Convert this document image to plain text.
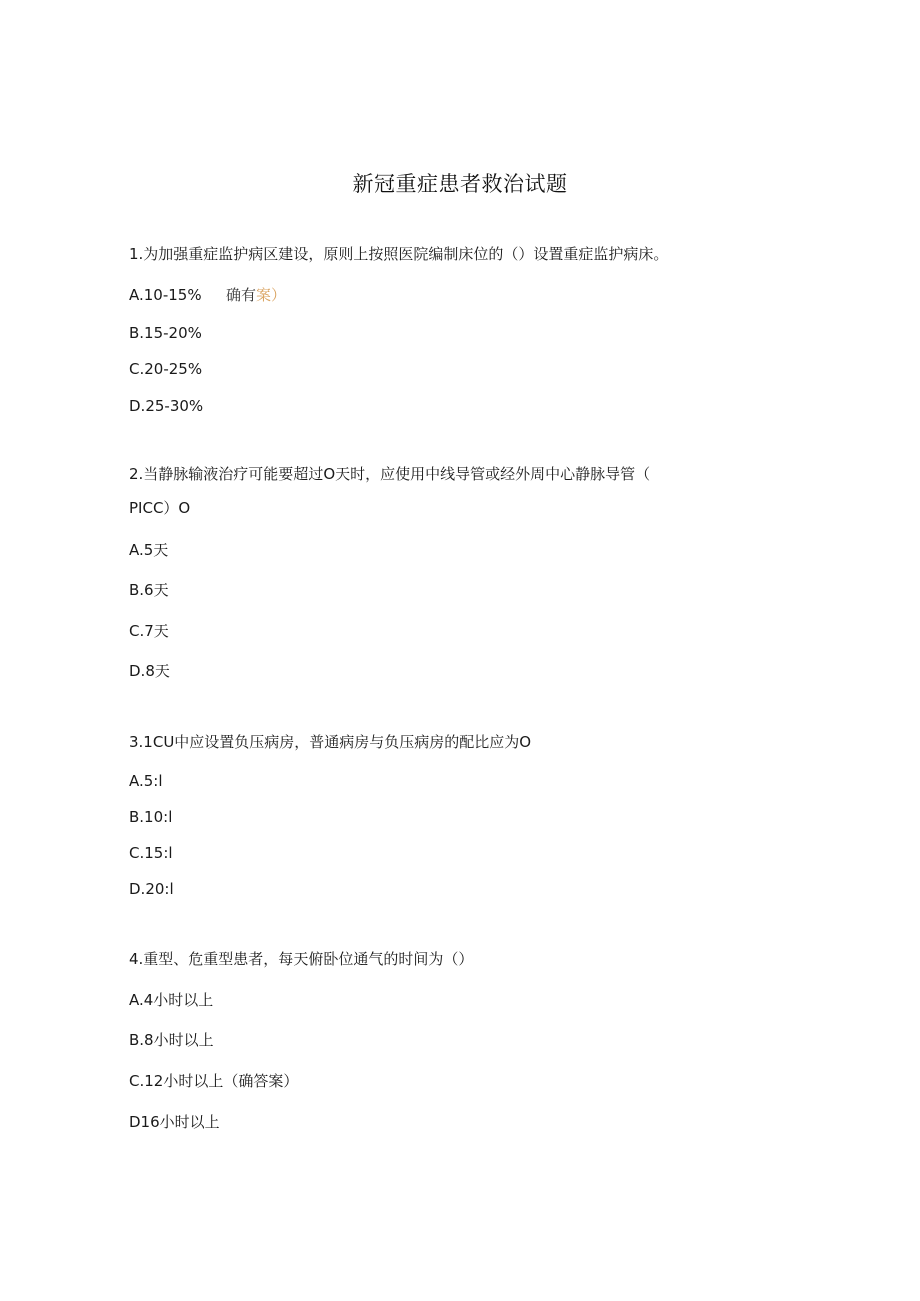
新冠重症患者救治试题
1.为加强重症监护病区建设，原则上按照医院编制床位的（）设置重症监护病床。
A.10-15% 确有案）
B.15-20%
C.20-25%
D.25-30%
2.当静脉输液治疗可能要超过O天时，应使用中线导管或经外周中心静脉导管（
PICC）O
A.5天
B.6天
C.7天
D.8天
3.1CU中应设置负压病房，普通病房与负压病房的配比应为O
A.5:l
B.10:l
C.15:l
D.20:l
4.重型、危重型患者，每天俯卧位通气的时间为（）
A.4小时以上
B.8小时以上
C.12小时以上（确答案）
D16小时以上
